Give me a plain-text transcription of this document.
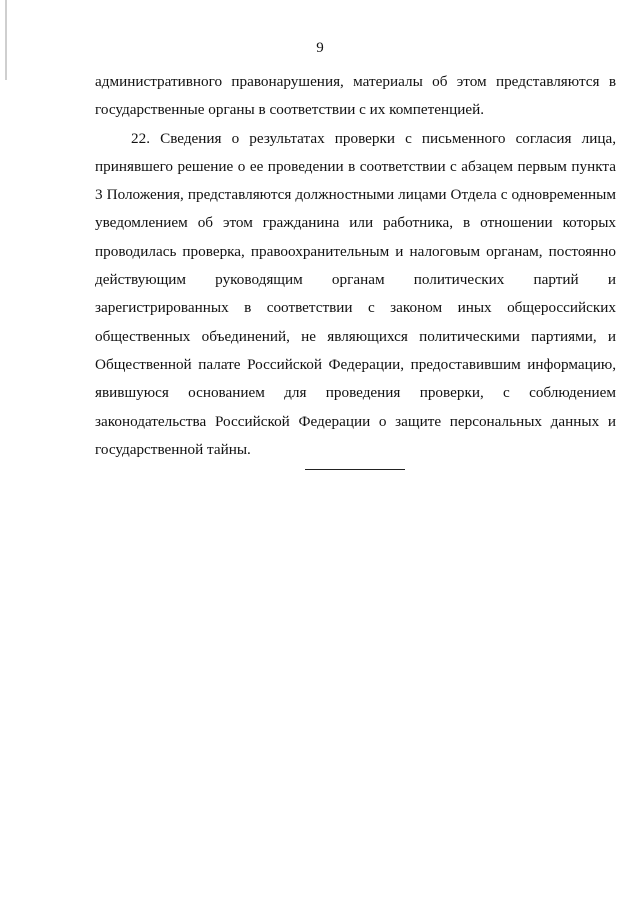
9

административного правонарушения, материалы об этом представляются в государственные органы в соответствии с их компетенцией.

22. Сведения о результатах проверки с письменного согласия лица, принявшего решение о ее проведении в соответствии с абзацем первым пункта 3 Положения, представляются должностными лицами Отдела с одновременным уведомлением об этом гражданина или работника, в отношении которых проводилась проверка, правоохранительным и налоговым органам, постоянно действующим руководящим органам политических партий и зарегистрированных в соответствии с законом иных общероссийских общественных объединений, не являющихся политическими партиями, и Общественной палате Российской Федерации, предоставившим информацию, явившуюся основанием для проведения проверки, с соблюдением законодательства Российской Федерации о защите персональных данных и государственной тайны.
